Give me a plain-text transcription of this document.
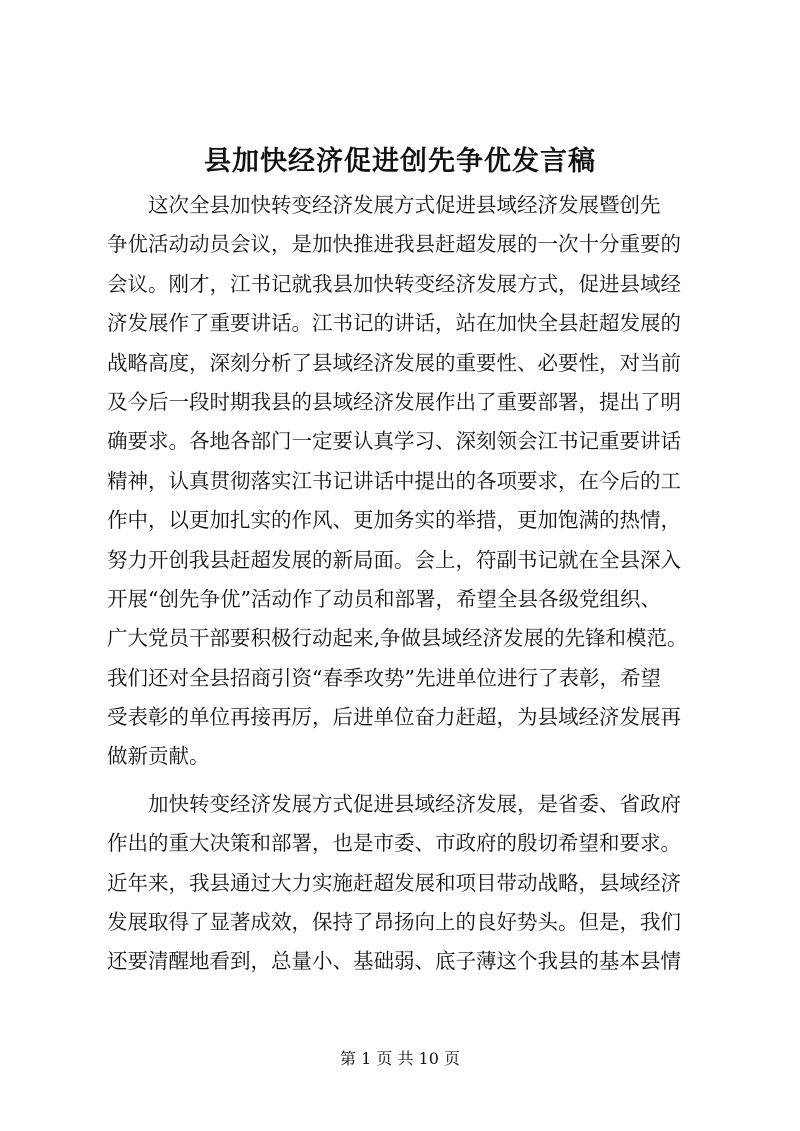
县加快经济促进创先争优发言稿
这次全县加快转变经济发展方式促进县域经济发展暨创先
争优活动动员会议，是加快推进我县赶超发展的一次十分重要的
会议。刚才，江书记就我县加快转变经济发展方式，促进县域经
济发展作了重要讲话。江书记的讲话，站在加快全县赶超发展的
战略高度，深刻分析了县域经济发展的重要性、必要性，对当前
及今后一段时期我县的县域经济发展作出了重要部署，提出了明
确要求。各地各部门一定要认真学习、深刻领会江书记重要讲话
精神，认真贯彻落实江书记讲话中提出的各项要求，在今后的工
作中，以更加扎实的作风、更加务实的举措，更加饱满的热情，
努力开创我县赶超发展的新局面。会上，符副书记就在全县深入
开展“创先争优”活动作了动员和部署，希望全县各级党组织、
广大党员干部要积极行动起来,争做县域经济发展的先锋和模范。
我们还对全县招商引资“春季攻势”先进单位进行了表彰，希望
受表彰的单位再接再厉，后进单位奋力赶超，为县域经济发展再
做新贡献。
加快转变经济发展方式促进县域经济发展，是省委、省政府
作出的重大决策和部署，也是市委、市政府的殷切希望和要求。
近年来，我县通过大力实施赶超发展和项目带动战略，县域经济
发展取得了显著成效，保持了昂扬向上的良好势头。但是，我们
还要清醒地看到，总量小、基础弱、底子薄这个我县的基本县情
第 1 页 共 10 页
